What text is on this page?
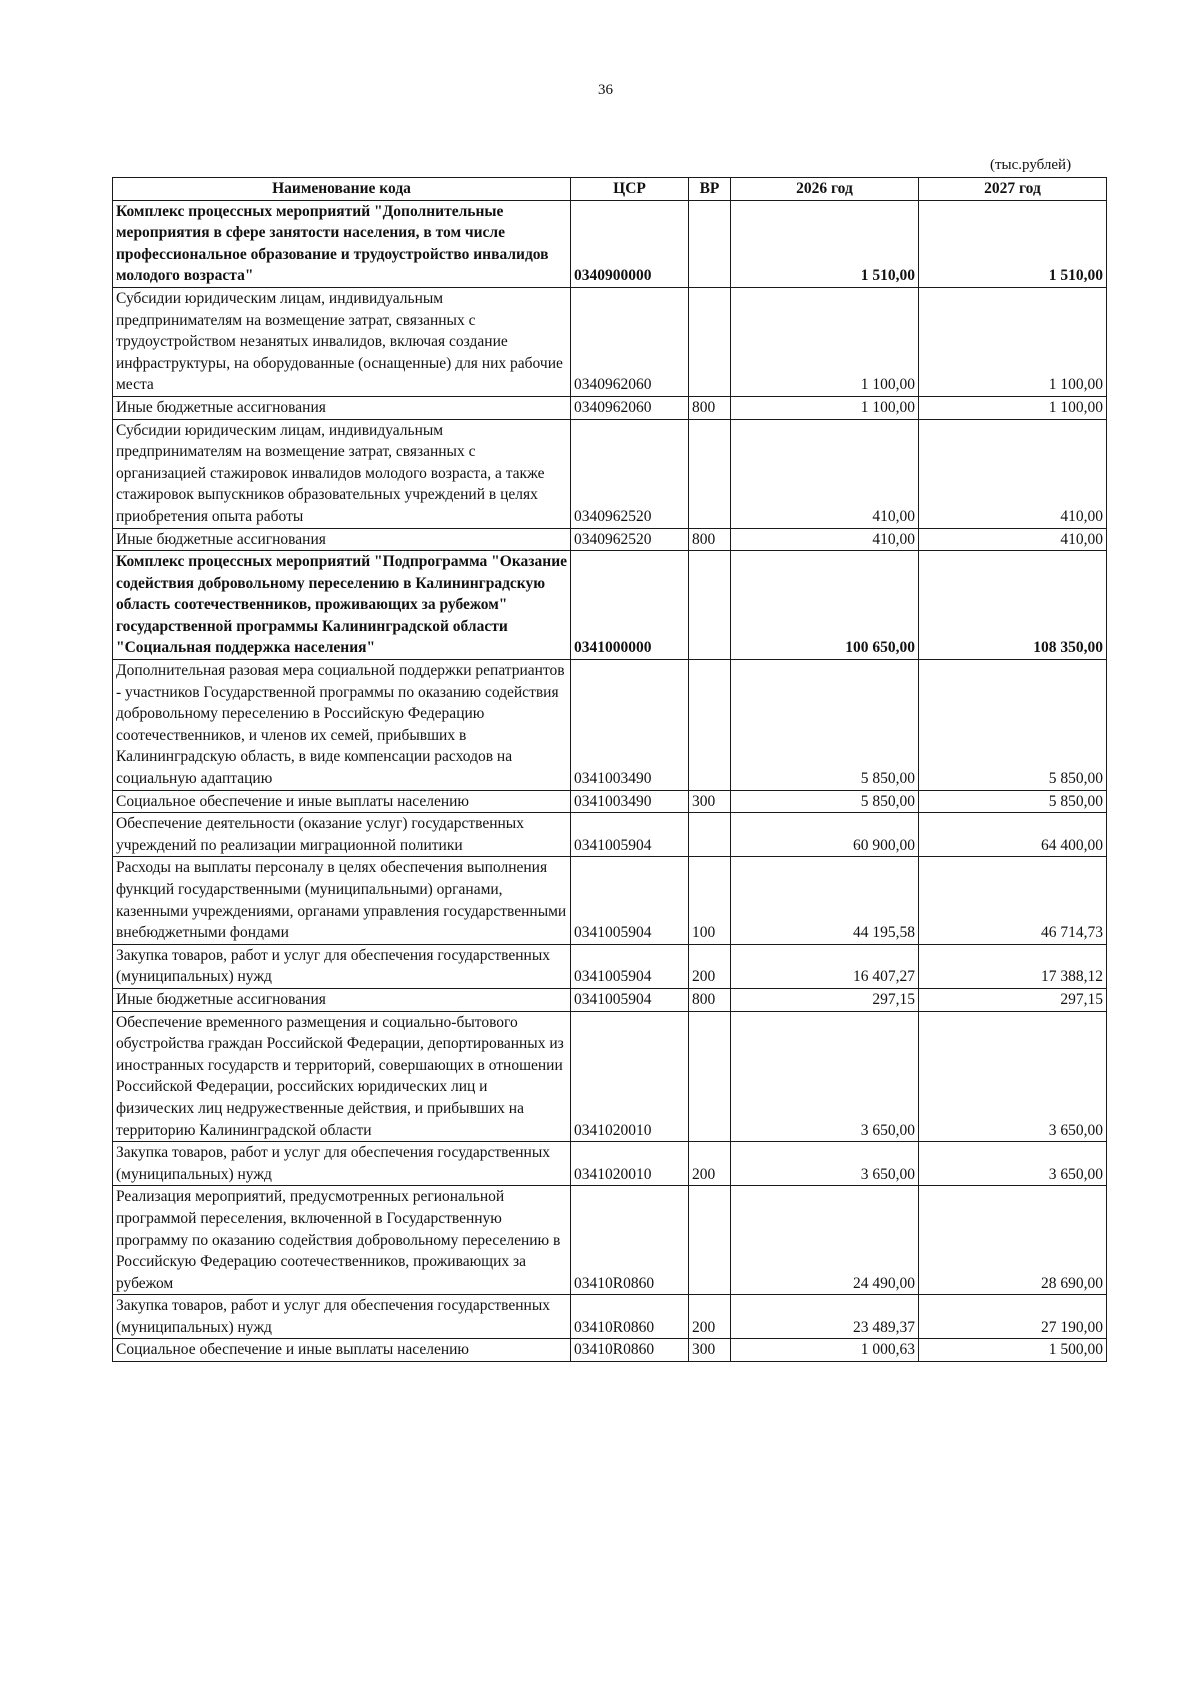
36
(тыс.рублей)
Наименование кода	ЦСР	ВР	2026 год	2027 год
Комплекс процессных мероприятий "Дополнительные мероприятия в сфере занятости населения, в том числе профессиональное образование и трудоустройство инвалидов молодого возраста"	0340900000		1 510,00	1 510,00
Субсидии юридическим лицам, индивидуальным предпринимателям на возмещение затрат, связанных с трудоустройством незанятых инвалидов, включая создание инфраструктуры, на оборудованные (оснащенные) для них рабочие места	0340962060		1 100,00	1 100,00
Иные бюджетные ассигнования	0340962060	800	1 100,00	1 100,00
Субсидии юридическим лицам, индивидуальным предпринимателям на возмещение затрат, связанных с организацией стажировок инвалидов молодого возраста, а также стажировок выпускников образовательных учреждений в целях приобретения опыта работы	0340962520		410,00	410,00
Иные бюджетные ассигнования	0340962520	800	410,00	410,00
Комплекс процессных мероприятий "Подпрограмма "Оказание содействия добровольному переселению в Калининградскую область соотечественников, проживающих за рубежом" государственной программы Калининградской области "Социальная поддержка населения"	0341000000		100 650,00	108 350,00
Дополнительная разовая мера социальной поддержки репатриантов - участников Государственной программы по оказанию содействия добровольному переселению в Российскую Федерацию соотечественников, и членов их семей, прибывших в Калининградскую область, в виде компенсации расходов на социальную адаптацию	0341003490		5 850,00	5 850,00
Социальное обеспечение и иные выплаты населению	0341003490	300	5 850,00	5 850,00
Обеспечение деятельности (оказание услуг) государственных учреждений по реализации миграционной политики	0341005904		60 900,00	64 400,00
Расходы на выплаты персоналу в целях обеспечения выполнения функций государственными (муниципальными) органами, казенными учреждениями, органами управления государственными внебюджетными фондами	0341005904	100	44 195,58	46 714,73
Закупка товаров, работ и услуг для обеспечения государственных (муниципальных) нужд	0341005904	200	16 407,27	17 388,12
Иные бюджетные ассигнования	0341005904	800	297,15	297,15
Обеспечение временного размещения и социально-бытового обустройства граждан Российской Федерации, депортированных из иностранных государств и территорий, совершающих в отношении Российской Федерации, российских юридических лиц и физических лиц недружественные действия, и прибывших на территорию Калининградской области	0341020010		3 650,00	3 650,00
Закупка товаров, работ и услуг для обеспечения государственных (муниципальных) нужд	0341020010	200	3 650,00	3 650,00
Реализация мероприятий, предусмотренных региональной программой переселения, включенной в Государственную программу по оказанию содействия добровольному переселению в Российскую Федерацию соотечественников, проживающих за рубежом	03410R0860		24 490,00	28 690,00
Закупка товаров, работ и услуг для обеспечения государственных (муниципальных) нужд	03410R0860	200	23 489,37	27 190,00
Социальное обеспечение и иные выплаты населению	03410R0860	300	1 000,63	1 500,00
